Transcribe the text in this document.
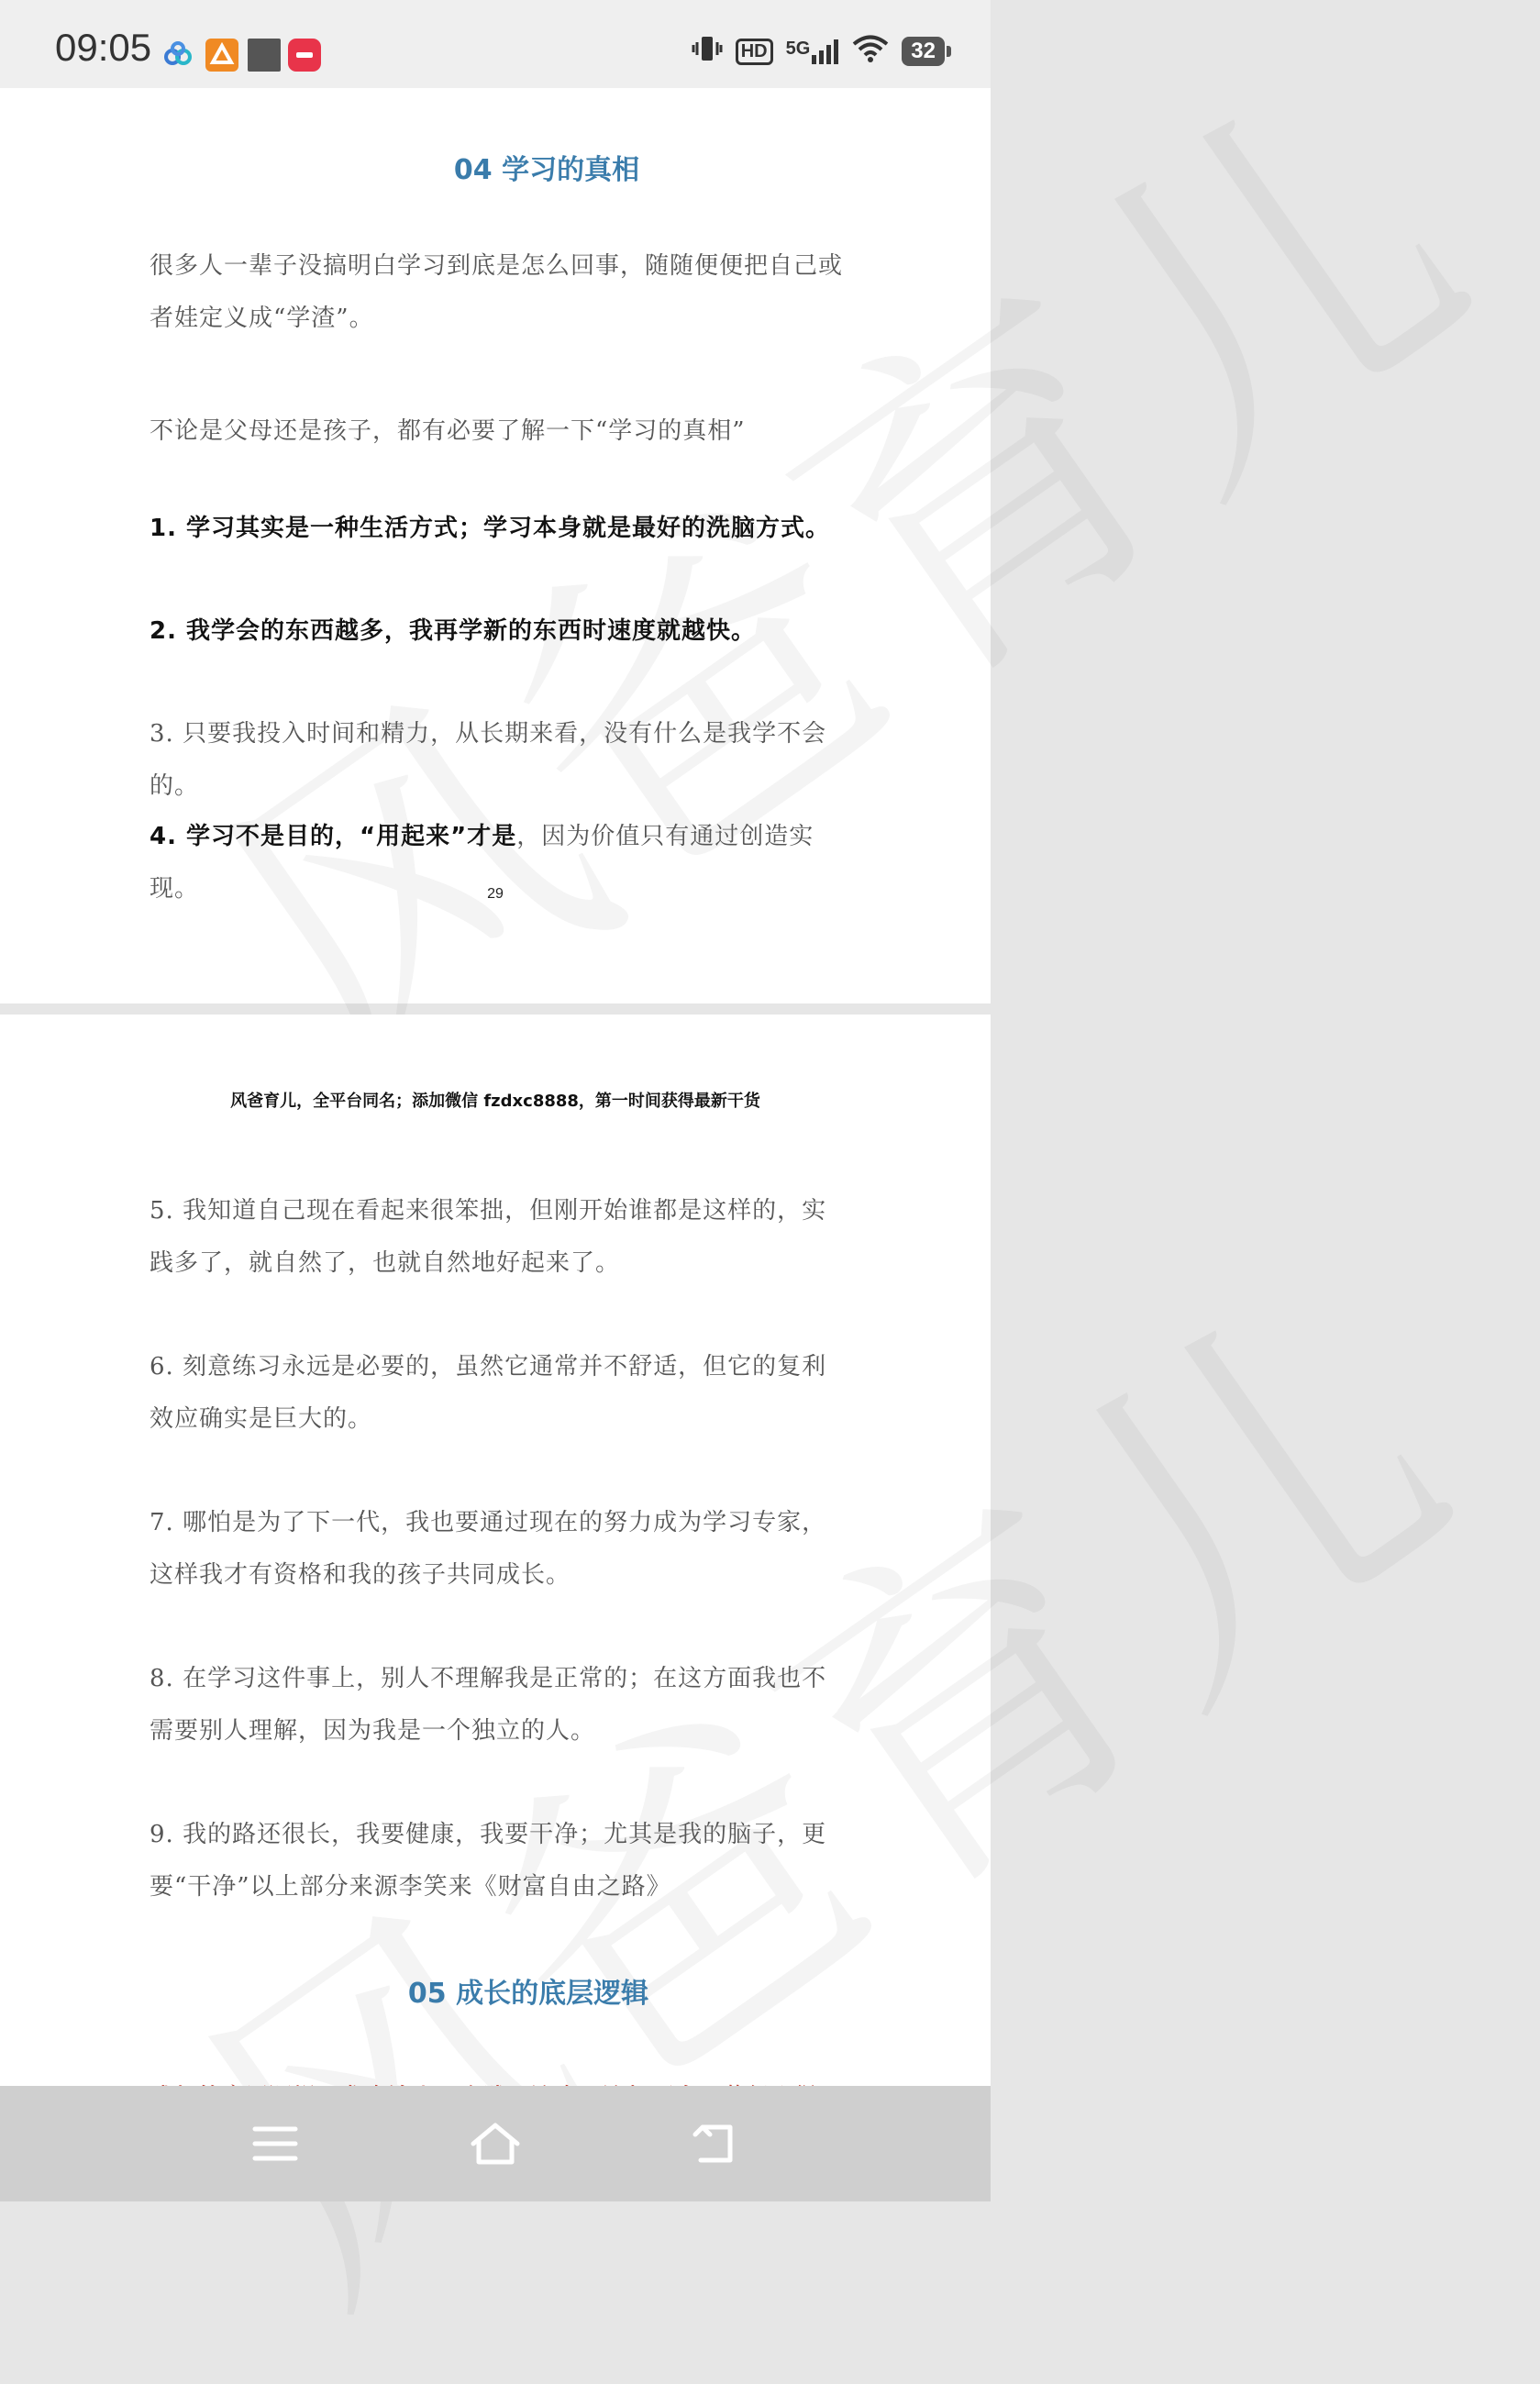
09:05	HD	5G	32
04 学习的真相
很多人一辈子没搞明白学习到底是怎么回事，随随便便把自己或者娃定义成“学渣”。
不论是父母还是孩子，都有必要了解一下“学习的真相”
1. 学习其实是一种生活方式；学习本身就是最好的洗脑方式。
2. 我学会的东西越多，我再学新的东西时速度就越快。
3. 只要我投入时间和精力，从长期来看，没有什么是我学不会的。
4. 学习不是目的，“用起来”才是，因为价值只有通过创造实现。	29
风爸育儿，全平台同名；添加微信 fzdxc8888，第一时间获得最新干货
5. 我知道自己现在看起来很笨拙，但刚开始谁都是这样的，实践多了，就自然了，也就自然地好起来了。
6. 刻意练习永远是必要的，虽然它通常并不舒适，但它的复利效应确实是巨大的。
7. 哪怕是为了下一代，我也要通过现在的努力成为学习专家，这样我才有资格和我的孩子共同成长。
8. 在学习这件事上，别人不理解我是正常的；在这方面我也不需要别人理解，因为我是一个独立的人。
9. 我的路还很长，我要健康，我要干净；尤其是我的脑子，更要“干净”以上部分来源李笑来《财富自由之路》
05 成长的底层逻辑
